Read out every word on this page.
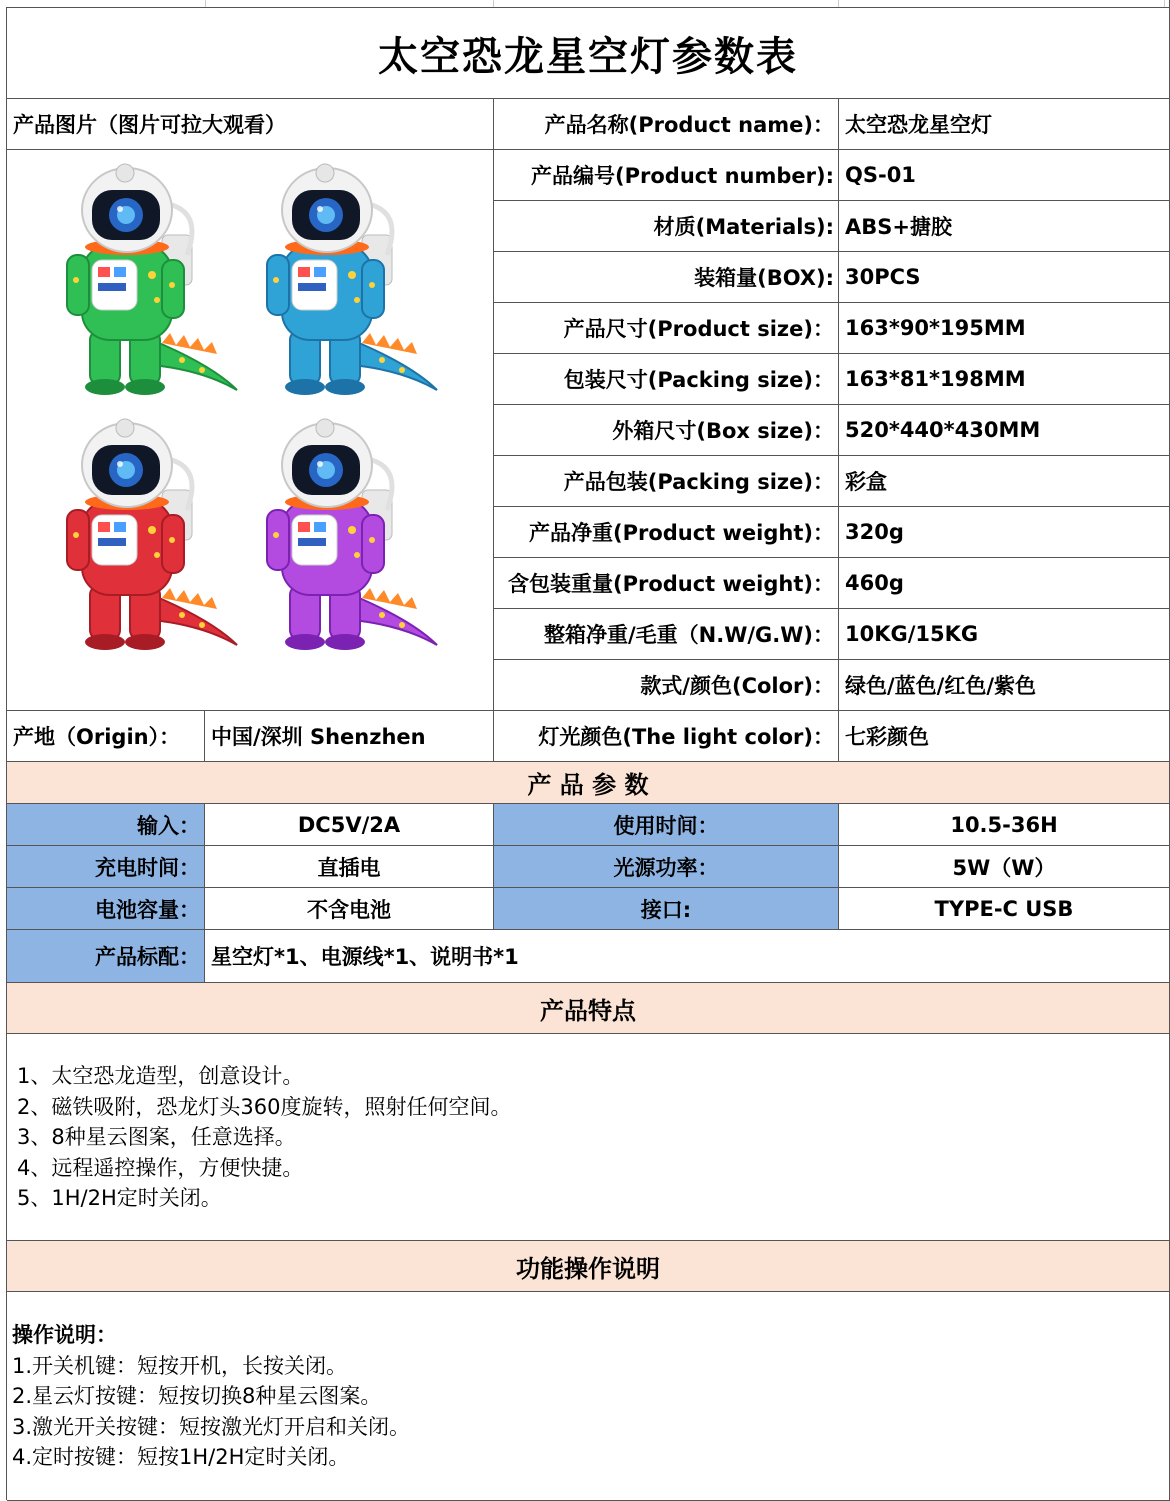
太空恐龙星空灯参数表
产品图片（图片可拉大观看）	产品名称(Product name)： 太空恐龙星空灯
产品编号(Product number): QS-01
材质(Materials): ABS+搪胶
装箱量(BOX): 30PCS
产品尺寸(Product size)： 163*90*195MM
包装尺寸(Packing size)： 163*81*198MM
外箱尺寸(Box size)： 520*440*430MM
产品包装(Packing size)： 彩盒
产品净重(Product weight)： 320g
含包装重量(Product weight)： 460g
整箱净重/毛重（N.W/G.W)： 10KG/15KG
款式/颜色(Color)： 绿色/蓝色/红色/紫色
产地（Origin）：	中国/深圳 Shenzhen	灯光颜色(The light color)： 七彩颜色
产 品 参 数
输入：	DC5V/2A	使用时间：	10.5-36H
充电时间：	直插电	光源功率：	5W（W）
电池容量：	不含电池	接口:	TYPE-C USB
产品标配： 星空灯*1、电源线*1、说明书*1
产品特点
1、太空恐龙造型，创意设计。
2、磁铁吸附，恐龙灯头360度旋转，照射任何空间。
3、8种星云图案，任意选择。
4、远程遥控操作，方便快捷。
5、1H/2H定时关闭。
功能操作说明
操作说明：
1.开关机键：短按开机，长按关闭。
2.星云灯按键：短按切换8种星云图案。
3.激光开关按键：短按激光灯开启和关闭。
4.定时按键：短按1H/2H定时关闭。
